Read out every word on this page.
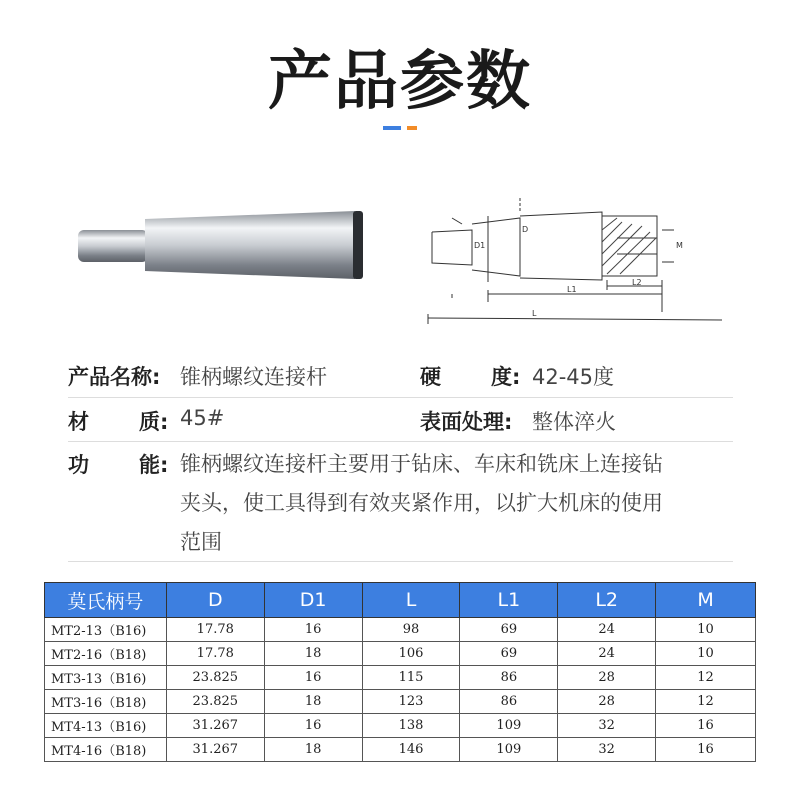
产品参数
D
D1	M
L2
L1
L
产品名称: 锥柄螺纹连接杆	硬 度: 42-45度
材 质: 45#	表面处理: 整体淬火
功 能: 锥柄螺纹连接杆主要用于钻床、车床和铣床上连接钻夹头，使工具得到有效夹紧作用，以扩大机床的使用范围
莫氏柄号	D	D1	L	L1	L2	M
MT2-13（B16)	17.78	16	98	69	24	10
MT2-16（B18)	17.78	18	106	69	24	10
MT3-13（B16)	23.825	16	115	86	28	12
MT3-16（B18)	23.825	18	123	86	28	12
MT4-13（B16)	31.267	16	138	109	32	16
MT4-16（B18)	31.267	18	146	109	32	16
